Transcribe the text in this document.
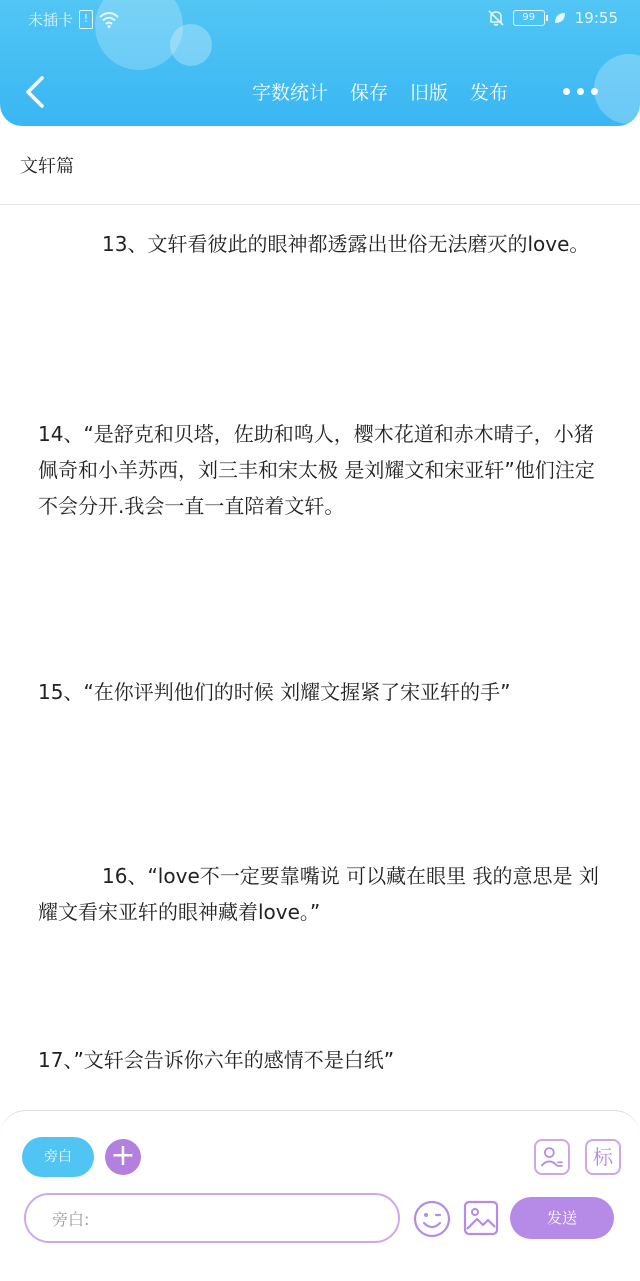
未插卡 !	99	19:55
字数统计 保存 旧版 发布
文轩篇

13、文轩看彼此的眼神都透露出世俗无法磨灭的love。

14、“是舒克和贝塔，佐助和鸣人，樱木花道和赤木晴子，小猪佩奇和小羊苏西，刘三丰和宋太极 是刘耀文和宋亚轩”他们注定不会分开.我会一直一直陪着文轩。

15、“在你评判他们的时候 刘耀文握紧了宋亚轩的手”

16、“love不一定要靠嘴说 可以藏在眼里 我的意思是 刘耀文看宋亚轩的眼神藏着love。”

17、”文轩会告诉你六年的感情不是白纸”

旁白	+	标
旁白:
发送
